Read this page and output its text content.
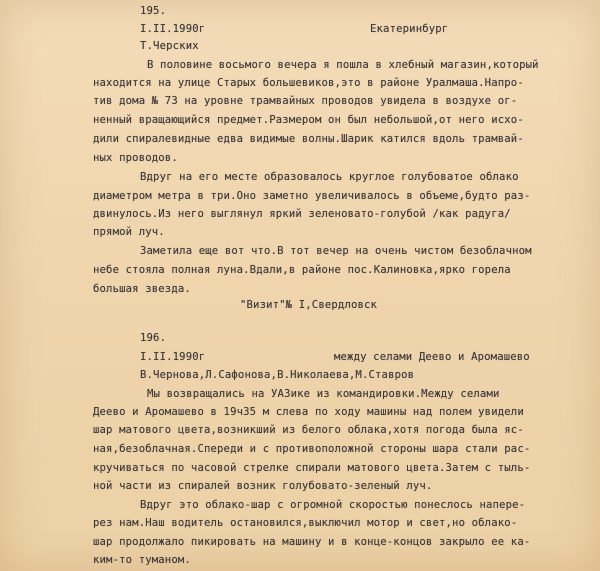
195.
I.II.1990г	Екатеринбург
Т.Черских
В половине восьмого вечера я пошла в хлебный магазин,который
находится на улице Старых большевиков,это в районе Уралмаша.Напро-
тив дома № 73 на уровне трамвайных проводов увидела в воздухе ог-
ненный вращающийся предмет.Размером он был небольшой,от него исхо-
дили спиралевидные едва видимые волны.Шарик катился вдоль трамвай-
ных проводов.
Вдруг на его месте образовалось круглое голубоватое облако
диаметром метра в три.Оно заметно увеличивалось в объеме,будто раз-
двинулось.Из него выглянул яркий зеленовато-голубой /как радуга/
прямой луч.
Заметила еще вот что.В тот вечер на очень чистом безоблачном
небе стояла полная луна.Вдали,в районе пос.Калиновка,ярко горела
большая звезда.
"Визит"№ I,Свердловск
196.
I.II.1990г	между селами Деево и Аромашево
В.Чернова,Л.Сафонова,В.Николаева,М.Ставров
Мы возвращались на УАЗике из командировки.Между селами
Деево и Аромашево в 19ч35 м слева по ходу машины над полем увидели
шар матового цвета,возникший из белого облака,хотя погода была яс-
ная,безоблачная.Спереди и с противоположной стороны шара стали рас-
кручиваться по часовой стрелке спирали матового цвета.Затем с тыль-
ной части из спиралей возник голубовато-зеленый луч.
Вдруг это облако-шар с огромной скоростью понеслось напере-
рез нам.Наш водитель остановился,выключил мотор и свет,но облако-
шар продолжало пикировать на машину и в конце-концов закрыло ее ка-
ким-то туманом.
